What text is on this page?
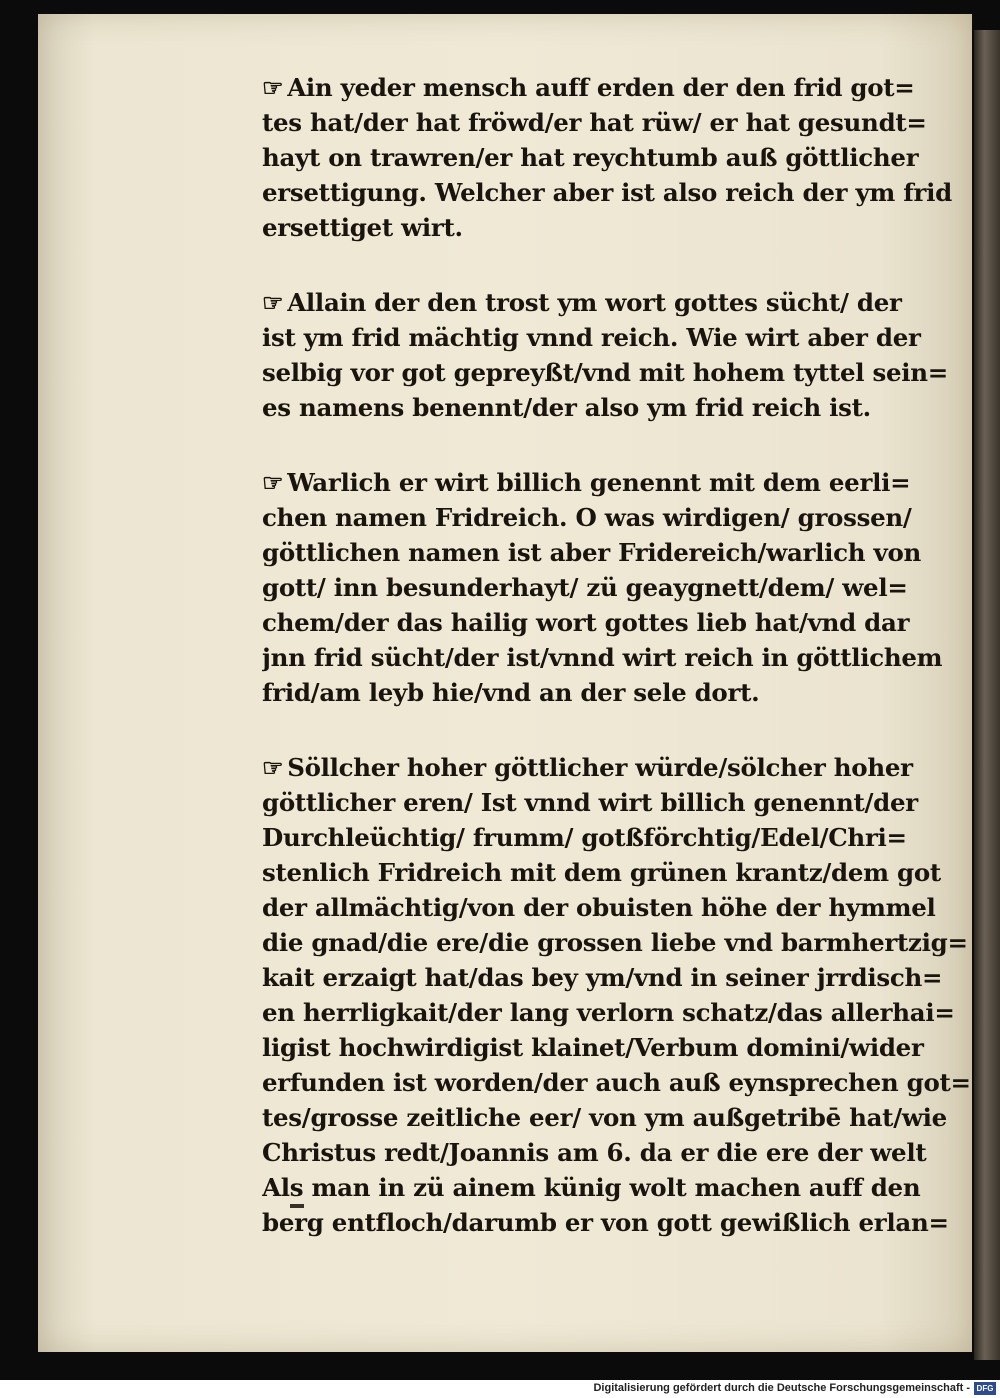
☞ Ain yeder mensch auff erden der den frid got=
tes hat/der hat fröwd/er hat rüw/ er hat gesundt=
hayt on trawren/er hat reychtumb auß göttlicher
ersettigung. Welcher aber ist also reich der ym frid
ersettiget wirt.
☞ Allain der den trost ym wort gottes sücht/ der
ist ym frid mächtig vnnd reich. Wie wirt aber der
selbig vor got gepreyßt/vnd mit hohem tyttel sein=
es namens benennt/der also ym frid reich ist.
☞ Warlich er wirt billich genennt mit dem eerli=
chen namen Fridreich. O was wirdigen/ grossen/
göttlichen namen ist aber Fridereich/warlich von
gott/ inn besunderhayt/ zü geaygnett/dem/ wel=
chem/der das hailig wort gottes lieb hat/vnd dar
jnn frid sücht/der ist/vnnd wirt reich in göttlichem
frid/am leyb hie/vnd an der sele dort.
☞ Söllcher hoher göttlicher würde/sölcher hoher
göttlicher eren/ Ist vnnd wirt billich genennt/der
Durchleüchtig/ frumm/ gotßförchtig/Edel/Chri=
stenlich Fridreich mit dem grünen krantz/dem got
der allmächtig/von der obuisten höhe der hymmel
die gnad/die ere/die grossen liebe vnd barmhertzig=
kait erzaigt hat/das bey ym/vnd in seiner jrrdisch=
en herrligkait/der lang verlorn schatz/das allerhai=
ligist hochwirdigist klainet/Verbum domini/wider
erfunden ist worden/der auch auß eynsprechen got=
tes/grosse zeitliche eer/ von ym außgetribē hat/wie
Christus redt/Joannis am 6. da er die ere der welt
Als man in zü ainem künig wolt machen auff den
berg entfloch/darumb er von gott gewißlich erlan=
Digitalisierung gefördert durch die Deutsche Forschungsgemeinschaft - DFG
